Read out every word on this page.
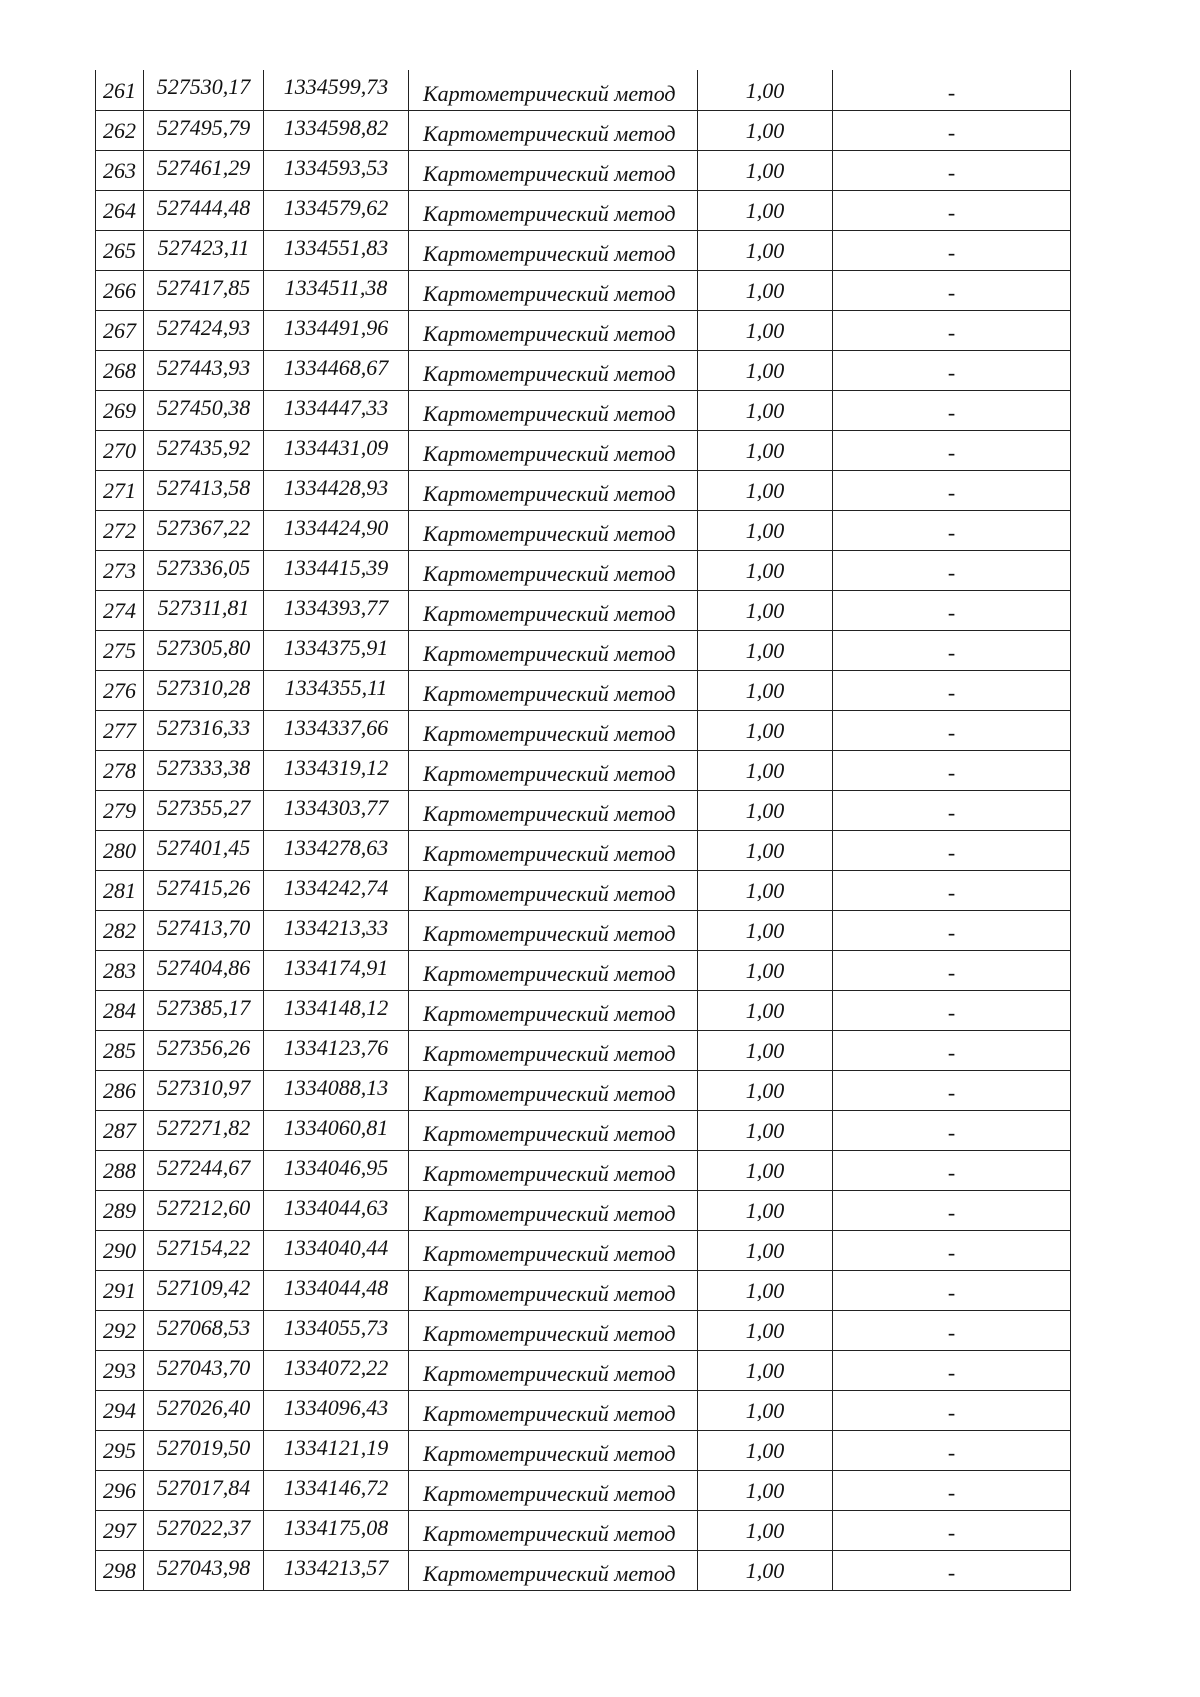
261	527530,17	1334599,73	Картометрический метод	1,00	-
262	527495,79	1334598,82	Картометрический метод	1,00	-
263	527461,29	1334593,53	Картометрический метод	1,00	-
264	527444,48	1334579,62	Картометрический метод	1,00	-
265	527423,11	1334551,83	Картометрический метод	1,00	-
266	527417,85	1334511,38	Картометрический метод	1,00	-
267	527424,93	1334491,96	Картометрический метод	1,00	-
268	527443,93	1334468,67	Картометрический метод	1,00	-
269	527450,38	1334447,33	Картометрический метод	1,00	-
270	527435,92	1334431,09	Картометрический метод	1,00	-
271	527413,58	1334428,93	Картометрический метод	1,00	-
272	527367,22	1334424,90	Картометрический метод	1,00	-
273	527336,05	1334415,39	Картометрический метод	1,00	-
274	527311,81	1334393,77	Картометрический метод	1,00	-
275	527305,80	1334375,91	Картометрический метод	1,00	-
276	527310,28	1334355,11	Картометрический метод	1,00	-
277	527316,33	1334337,66	Картометрический метод	1,00	-
278	527333,38	1334319,12	Картометрический метод	1,00	-
279	527355,27	1334303,77	Картометрический метод	1,00	-
280	527401,45	1334278,63	Картометрический метод	1,00	-
281	527415,26	1334242,74	Картометрический метод	1,00	-
282	527413,70	1334213,33	Картометрический метод	1,00	-
283	527404,86	1334174,91	Картометрический метод	1,00	-
284	527385,17	1334148,12	Картометрический метод	1,00	-
285	527356,26	1334123,76	Картометрический метод	1,00	-
286	527310,97	1334088,13	Картометрический метод	1,00	-
287	527271,82	1334060,81	Картометрический метод	1,00	-
288	527244,67	1334046,95	Картометрический метод	1,00	-
289	527212,60	1334044,63	Картометрический метод	1,00	-
290	527154,22	1334040,44	Картометрический метод	1,00	-
291	527109,42	1334044,48	Картометрический метод	1,00	-
292	527068,53	1334055,73	Картометрический метод	1,00	-
293	527043,70	1334072,22	Картометрический метод	1,00	-
294	527026,40	1334096,43	Картометрический метод	1,00	-
295	527019,50	1334121,19	Картометрический метод	1,00	-
296	527017,84	1334146,72	Картометрический метод	1,00	-
297	527022,37	1334175,08	Картометрический метод	1,00	-
298	527043,98	1334213,57	Картометрический метод	1,00	-
